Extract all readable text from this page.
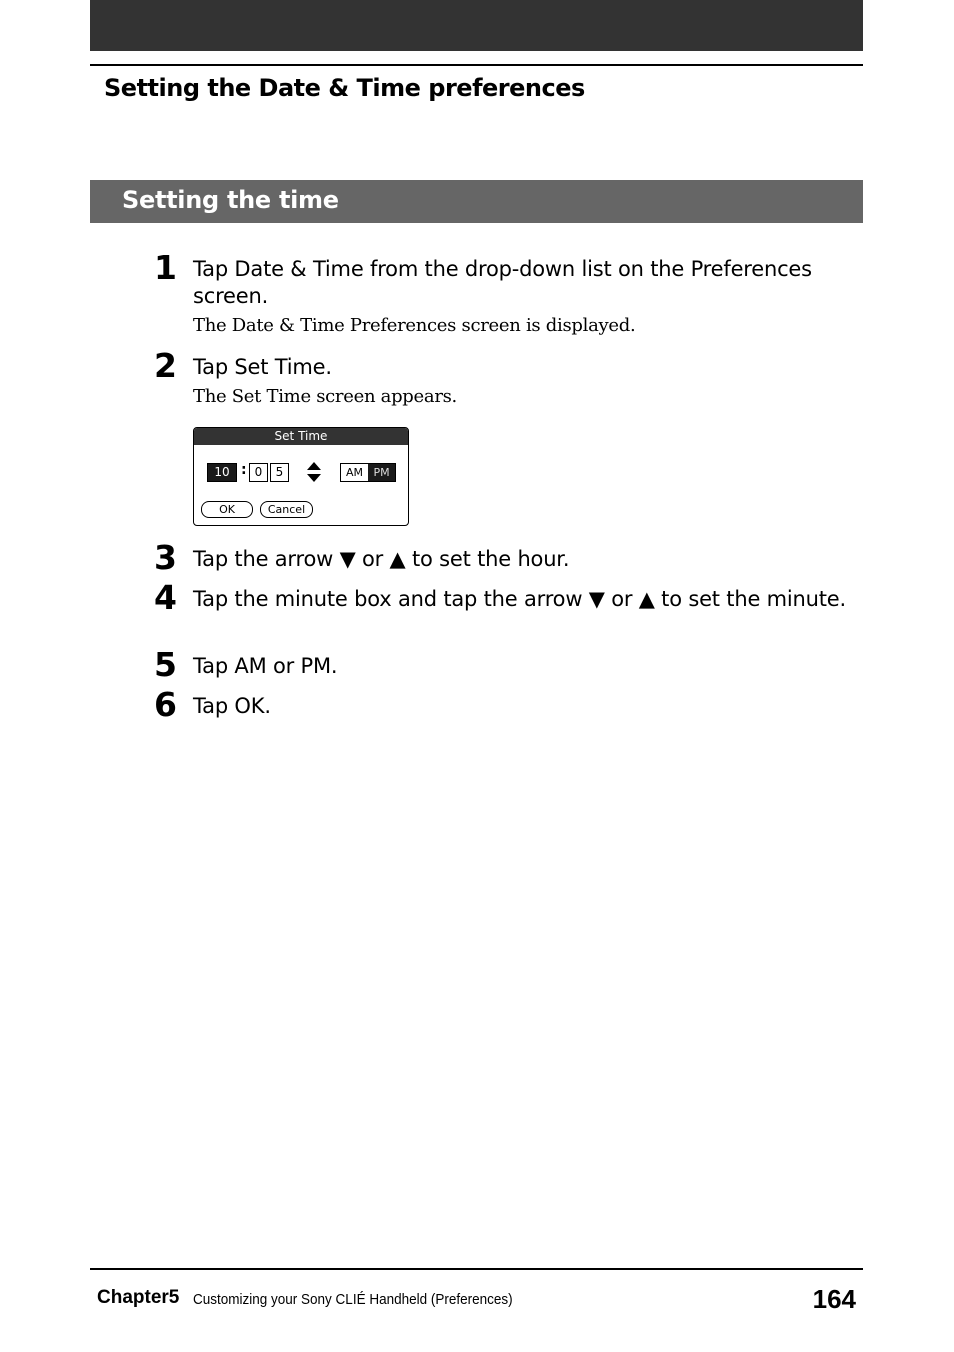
Setting the Date & Time preferences
Setting the time
1 Tap Date & Time from the drop-down list on the Preferences screen.
The Date & Time Preferences screen is displayed.
2 Tap Set Time.
The Set Time screen appears.
Set Time
10 : 0	5	AM PM
OK	Cancel
3 Tap the arrow ▼ or ▲ to set the hour.
4 Tap the minute box and tap the arrow ▼ or ▲ to set the minute.
5 Tap AM or PM.
6 Tap OK.
Chapter5 Customizing your Sony CLIÉ Handheld (Preferences)	164
